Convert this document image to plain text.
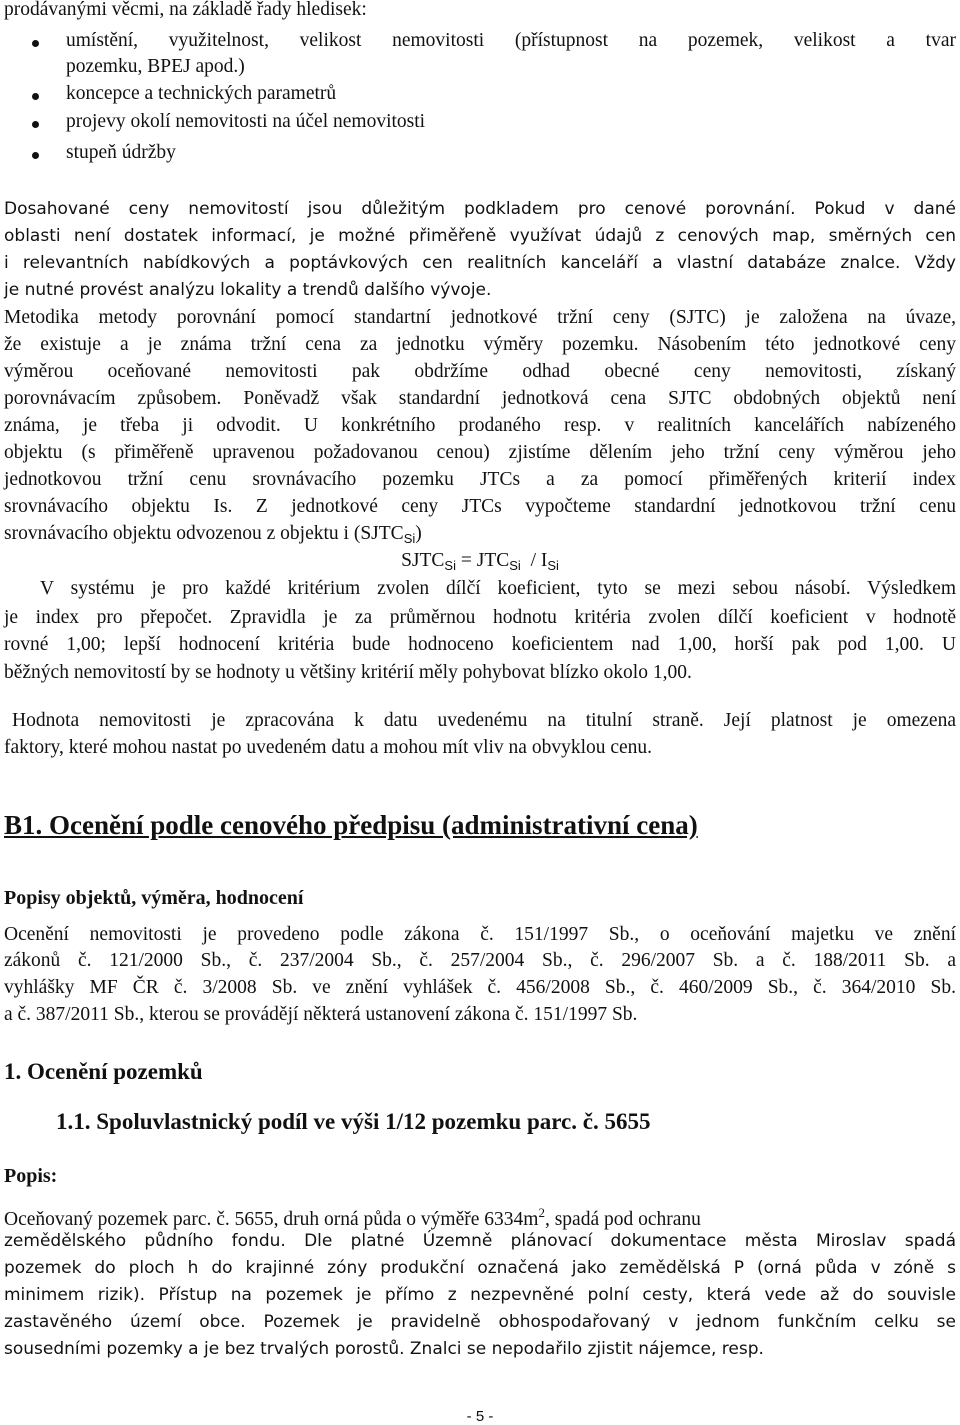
prodávanými věcmi, na základě řady hledisek:
umístění, využitelnost, velikost nemovitosti (přístupnost na pozemek, velikost a tvar
pozemku, BPEJ apod.)
koncepce a technických parametrů
projevy okolí nemovitosti na účel nemovitosti
stupeň údržby
Dosahované ceny nemovitostí jsou důležitým podkladem pro cenové porovnání. Pokud v dané
oblasti není dostatek informací, je možné přiměřeně využívat údajů z cenových map, směrných cen
i relevantních nabídkových a poptávkových cen realitních kanceláří a vlastní databáze znalce. Vždy
je nutné provést analýzu lokality a trendů dalšího vývoje.
Metodika metody porovnání pomocí standartní jednotkové tržní ceny (SJTC) je založena na úvaze,
že existuje a je známa tržní cena za jednotku výměry pozemku. Násobením této jednotkové ceny
výměrou oceňované nemovitosti pak obdržíme odhad obecné ceny nemovitosti, získaný
porovnávacím způsobem. Poněvadž však standardní jednotková cena SJTC obdobných objektů není
známa, je třeba ji odvodit. U konkrétního prodaného resp. v realitních kancelářích nabízeného
objektu (s přiměřeně upravenou požadovanou cenou) zjistíme dělením jeho tržní ceny výměrou jeho
jednotkovou tržní cenu srovnávacího pozemku JTCs a za pomocí přiměřených kriterií index
srovnávacího objektu Is. Z jednotkové ceny JTCs vypočteme standardní jednotkovou tržní cenu
srovnávacího objektu odvozenou z objektu i $(SJTC_{Si})$
$SJTC_{Si} = JTC_{Si} / I_{Si}$
V systému je pro každé kritérium zvolen dílčí koeficient, tyto se mezi sebou násobí. Výsledkem
je index pro přepočet. Zpravidla je za průměrnou hodnotu kritéria zvolen dílčí koeficient v hodnotě
rovné 1,00; lepší hodnocení kritéria bude hodnoceno koeficientem nad 1,00, horší pak pod 1,00. U
běžných nemovitostí by se hodnoty u většiny kritérií měly pohybovat blízko okolo 1,00.
Hodnota nemovitosti je zpracována k datu uvedenému na titulní straně. Její platnost je omezena
faktory, které mohou nastat po uvedeném datu a mohou mít vliv na obvyklou cenu.
B1. Ocenění podle cenového předpisu (administrativní cena)
Popisy objektů, výměra, hodnocení
Ocenění nemovitosti je provedeno podle zákona č. 151/1997 Sb., o oceňování majetku ve znění
zákonů č. 121/2000 Sb., č. 237/2004 Sb., č. 257/2004 Sb., č. 296/2007 Sb. a č. 188/2011 Sb. a
vyhlášky MF ČR č. 3/2008 Sb. ve znění vyhlášek č. 456/2008 Sb., č. 460/2009 Sb., č. 364/2010 Sb.
a č. 387/2011 Sb., kterou se provádějí některá ustanovení zákona č. 151/1997 Sb.
1. Ocenění pozemků
1.1. Spoluvlastnický podíl ve výši 1/12 pozemku parc. č. 5655
Popis:
Oceňovaný pozemek parc. č. 5655, druh orná půda o výměře $6334m^2$, spadá pod ochranu
zemědělského půdního fondu. Dle platné Územně plánovací dokumentace města Miroslav spadá
pozemek do ploch h do krajinné zóny produkční označená jako zemědělská P (orná půda v zóně s
minimem rizik). Přístup na pozemek je přímo z nezpevněné polní cesty, která vede až do souvisle
zastavěného území obce. Pozemek je pravidelně obhospodařovaný v jednom funkčním celku se
sousedními pozemky a je bez trvalých porostů. Znalci se nepodařilo zjistit nájemce, resp.
- 5 -
